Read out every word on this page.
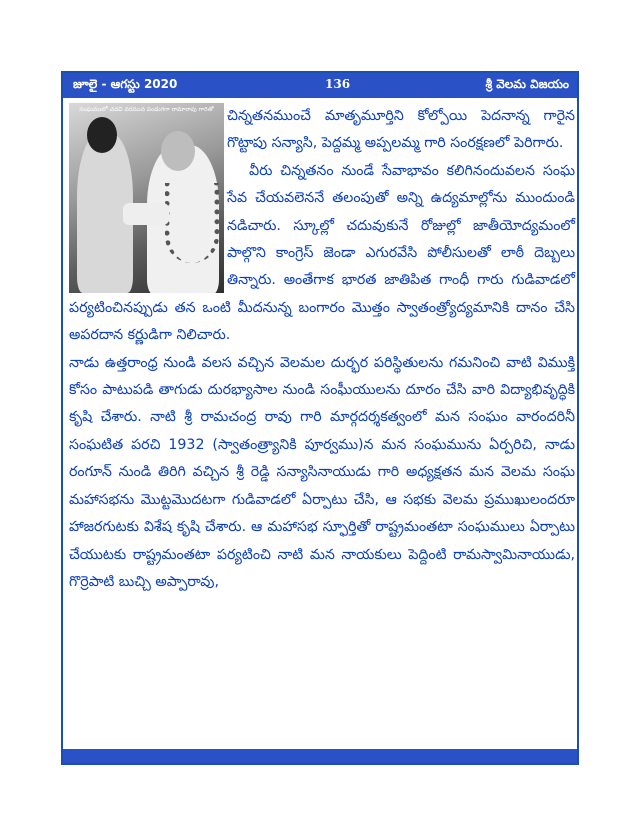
జూలై - ఆగస్టు 2020	136	శ్రీ వెలమ విజయం
సంఘములో చదవి వరమున పండుగగా రామారావు గారితో చిన్నతనముంచే మాతృమూర్తిని కోల్పోయి పెదనాన్న గారైన గొట్టాపు సన్యాసి, పెద్దమ్మ అప్పలమ్మ గారి సంరక్షణలో పెరిగారు.

వీరు చిన్నతనం నుండే సేవాభావం కలిగినందువలన సంఘ సేవ చేయవలెననే తలంపుతో అన్ని ఉద్యమాల్లోను ముందుండి నడిచారు. స్కూల్లో చదువుకునే రోజుల్లో జాతీయోద్యమంలో పాల్గొని కాంగ్రెస్ జెండా ఎగురవేసి పోలీసులతో లాఠీ దెబ్బలు తిన్నారు. అంతేగాక భారత జాతిపిత గాంధీ గారు గుడివాడలో పర్యటించినప్పుడు తన ఒంటి మీదనున్న బంగారం మొత్తం స్వాతంత్ర్యోద్యమానికి దానం చేసి అపరదాన కర్ణుడిగా నిలిచారు.

నాడు ఉత్తరాంధ్ర నుండి వలస వచ్చిన వెలమల దుర్భర పరిస్థితులను గమనించి వాటి విముక్తి కోసం పాటుపడి తాగుడు దురభ్యాసాల నుండి సంఘీయులను దూరం చేసి వారి విద్యాభివృద్ధికి కృషి చేశారు. నాటి శ్రీ రామచంద్ర రావు గారి మార్గదర్శకత్వంలో మన సంఘం వారందరినీ సంఘటిత పరచి 1932 (స్వాతంత్ర్యానికి పూర్వము)న మన సంఘమును ఏర్పరిచి, నాడు రంగూన్ నుండి తిరిగి వచ్చిన శ్రీ రెడ్డి సన్యాసినాయుడు గారి అధ్యక్షతన మన వెలమ సంఘ మహాసభను మొట్టమొదటగా గుడివాడలో ఏర్పాటు చేసి, ఆ సభకు వెలమ ప్రముఖులందరూ హాజరగుటకు విశేష కృషి చేశారు. ఆ మహాసభ స్ఫూర్తితో రాష్ట్రమంతటా సంఘములు ఏర్పాటు చేయుటకు రాష్ట్రమంతటా పర్యటించి నాటి మన నాయకులు పెద్దింటి రామస్వామినాయుడు, గొర్రెపాటి బుచ్చి అప్పారావు,
